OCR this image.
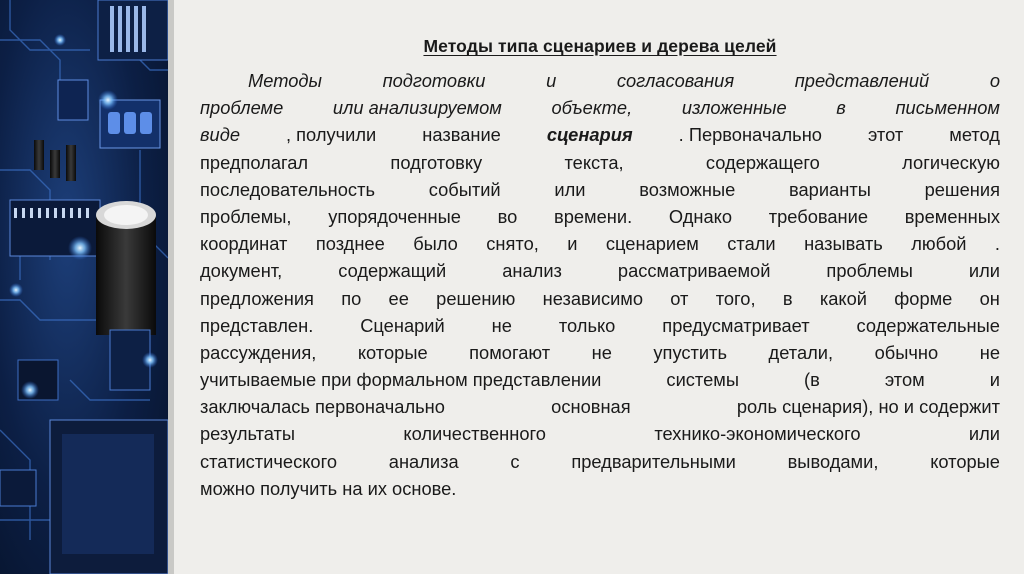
Методы типа сценариев и дерева целей
Методы	подготовки	и	согласования	представлений	о
проблеме	или анализируемом	объекте,	изложенные	в	письменном
виде	, получили	название	сценария	. Первоначально	этот	метод
предполагал	подготовку	текста,	содержащего	логическую
последовательность	событий	или	возможные	варианты	решения
проблемы, упорядоченные во времени. Однако требование временных
координат позднее было снято, и сценарием стали называть любой .
документ,	содержащий	анализ	рассматриваемой	проблемы	или
предложения по ее решению независимо от того, в какой форме он
представлен.	Сценарий	не	только	предусматривает	содержательные
рассуждения, которые помогают не упустить детали, обычно не
учитываемые при формальном представлении	системы	(в	этом	и
заключалась первоначально	основная	роль сценария), но и содержит
результаты	количественного	технико-экономического	или
статистического	анализа	с	предварительными	выводами,	которые
можно получить на их основе.
